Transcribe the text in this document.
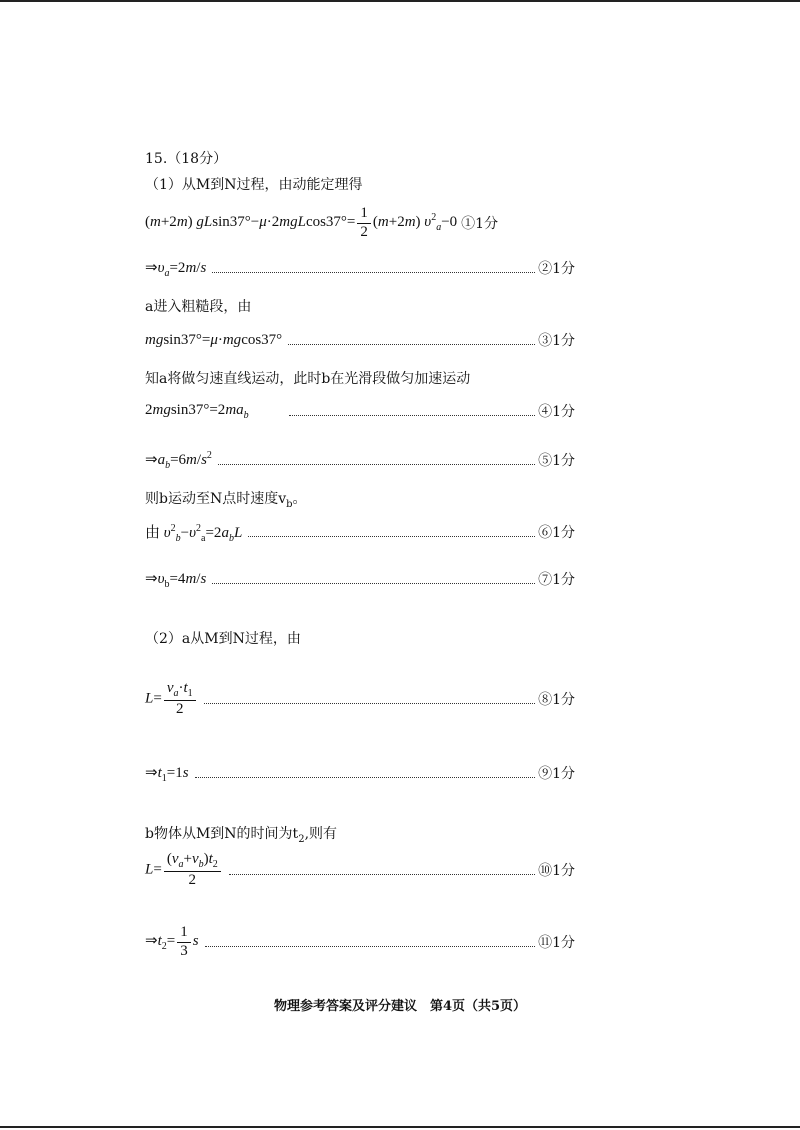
15.（18分）
（1）从M到N过程，由动能定理得
(m+2m) $gLsin37^\circ-\mu\cdot 2mgLcos37^\circ= \frac{1}{2} (m+2m)$ $\upsilon^2_a-0$ ①1分
$\Rightarrow\upsilon_a=2m/s$	②1分
a进入粗糙段，由
mgsin37°=μ·mgcos37°	③1分
知a将做匀速直线运动，此时b在光滑段做匀加速运动
$2mgsin37^\circ=2ma_b$	④1分
$\Rightarrow a_b=6m/s^2$	⑤1分
则b运动至N点时速度$v_b$。
由 $\upsilon^2_b-\upsilon^2_a=2a_bL$	⑥1分
$\Rightarrow\upsilon_b=4m/s$	⑦1分
（2）a从M到N过程，由
$L= \frac{v_a\cdot t_1}{2}$	⑧1分
$\Rightarrow t_1=1s$	⑨1分
b物体从M到N的时间为$t_2$,则有
$L= \frac{(v_a+v_b)t_2}{2}$	⑩1分
$\Rightarrow t_2= \frac{1}{3}$ s	⑪1分
物理参考答案及评分建议　第4页（共5页）
